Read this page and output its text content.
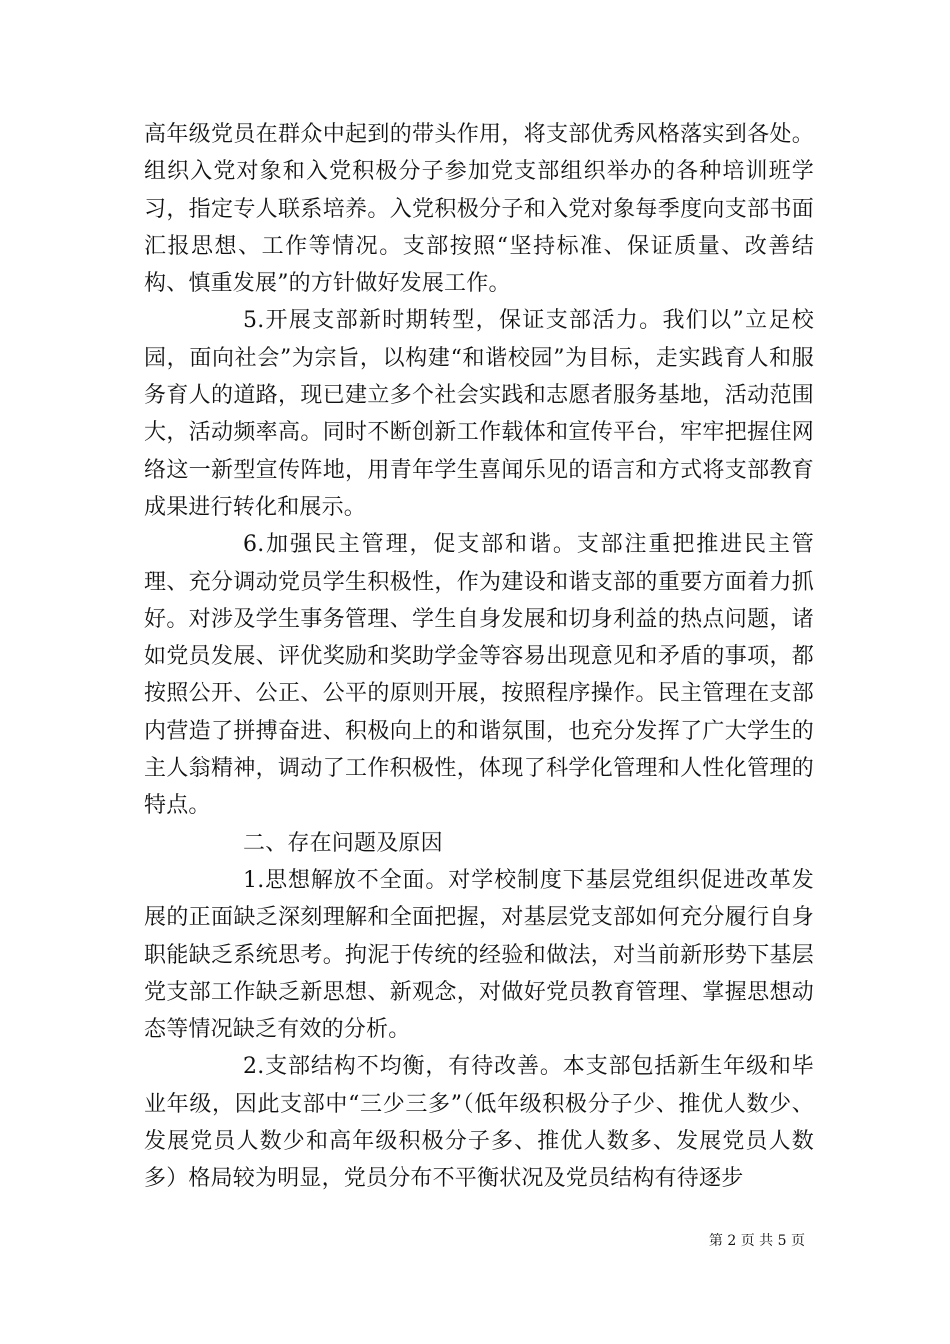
高年级党员在群众中起到的带头作用，将支部优秀风格落实到各处。组织入党对象和入党积极分子参加党支部组织举办的各种培训班学习，指定专人联系培养。入党积极分子和入党对象每季度向支部书面汇报思想、工作等情况。支部按照“坚持标准、保证质量、改善结构、慎重发展”的方针做好发展工作。

5.开展支部新时期转型，保证支部活力。我们以”立足校园，面向社会”为宗旨，以构建“和谐校园”为目标，走实践育人和服务育人的道路，现已建立多个社会实践和志愿者服务基地，活动范围大，活动频率高。同时不断创新工作载体和宣传平台，牢牢把握住网络这一新型宣传阵地，用青年学生喜闻乐见的语言和方式将支部教育成果进行转化和展示。

6.加强民主管理，促支部和谐。支部注重把推进民主管理、充分调动党员学生积极性，作为建设和谐支部的重要方面着力抓好。对涉及学生事务管理、学生自身发展和切身利益的热点问题，诸如党员发展、评优奖励和奖助学金等容易出现意见和矛盾的事项，都按照公开、公正、公平的原则开展，按照程序操作。民主管理在支部内营造了拼搏奋进、积极向上的和谐氛围，也充分发挥了广大学生的主人翁精神，调动了工作积极性，体现了科学化管理和人性化管理的特点。

二、存在问题及原因

1.思想解放不全面。对学校制度下基层党组织促进改革发展的正面缺乏深刻理解和全面把握，对基层党支部如何充分履行自身职能缺乏系统思考。拘泥于传统的经验和做法，对当前新形势下基层党支部工作缺乏新思想、新观念，对做好党员教育管理、掌握思想动态等情况缺乏有效的分析。

2.支部结构不均衡，有待改善。本支部包括新生年级和毕业年级，因此支部中“三少三多”（低年级积极分子少、推优人数少、发展党员人数少和高年级积极分子多、推优人数多、发展党员人数多）格局较为明显，党员分布不平衡状况及党员结构有待逐步

第 2 页 共 5 页
